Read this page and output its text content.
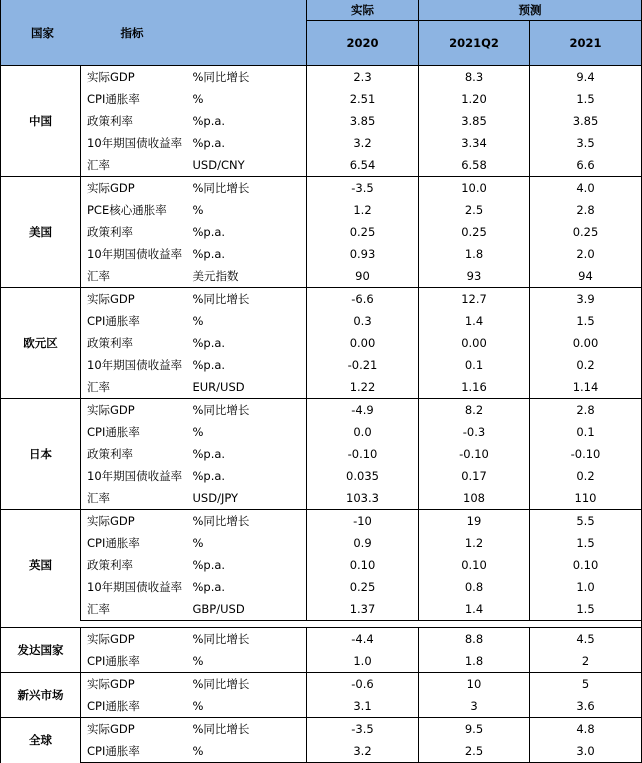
国家	指标		实际	预测	
			2020	2021Q2	2021
中国	实际GDP	%同比增长	2.3	8.3	9.4
	CPI通胀率	%	2.51	1.20	1.5
	政策利率	%p.a.	3.85	3.85	3.85
	10年期国债收益率	%p.a.	3.2	3.34	3.5
	汇率	USD/CNY	6.54	6.58	6.6
美国	实际GDP	%同比增长	-3.5	10.0	4.0
	PCE核心通胀率	%	1.2	2.5	2.8
	政策利率	%p.a.	0.25	0.25	0.25
	10年期国债收益率	%p.a.	0.93	1.8	2.0
	汇率	美元指数	90	93	94
欧元区	实际GDP	%同比增长	-6.6	12.7	3.9
	CPI通胀率	%	0.3	1.4	1.5
	政策利率	%p.a.	0.00	0.00	0.00
	10年期国债收益率	%p.a.	-0.21	0.1	0.2
	汇率	EUR/USD	1.22	1.16	1.14
日本	实际GDP	%同比增长	-4.9	8.2	2.8
	CPI通胀率	%	0.0	-0.3	0.1
	政策利率	%p.a.	-0.10	-0.10	-0.10
	10年期国债收益率	%p.a.	0.035	0.17	0.2
	汇率	USD/JPY	103.3	108	110
英国	实际GDP	%同比增长	-10	19	5.5
	CPI通胀率	%	0.9	1.2	1.5
	政策利率	%p.a.	0.10	0.10	0.10
	10年期国债收益率	%p.a.	0.25	0.8	1.0
	汇率	GBP/USD	1.37	1.4	1.5

发达国家	实际GDP	%同比增长	-4.4	8.8	4.5
	CPI通胀率	%	1.0	1.8	2
新兴市场	实际GDP	%同比增长	-0.6	10	5
	CPI通胀率	%	3.1	3	3.6
全球	实际GDP	%同比增长	-3.5	9.5	4.8
	CPI通胀率	%	3.2	2.5	3.0
